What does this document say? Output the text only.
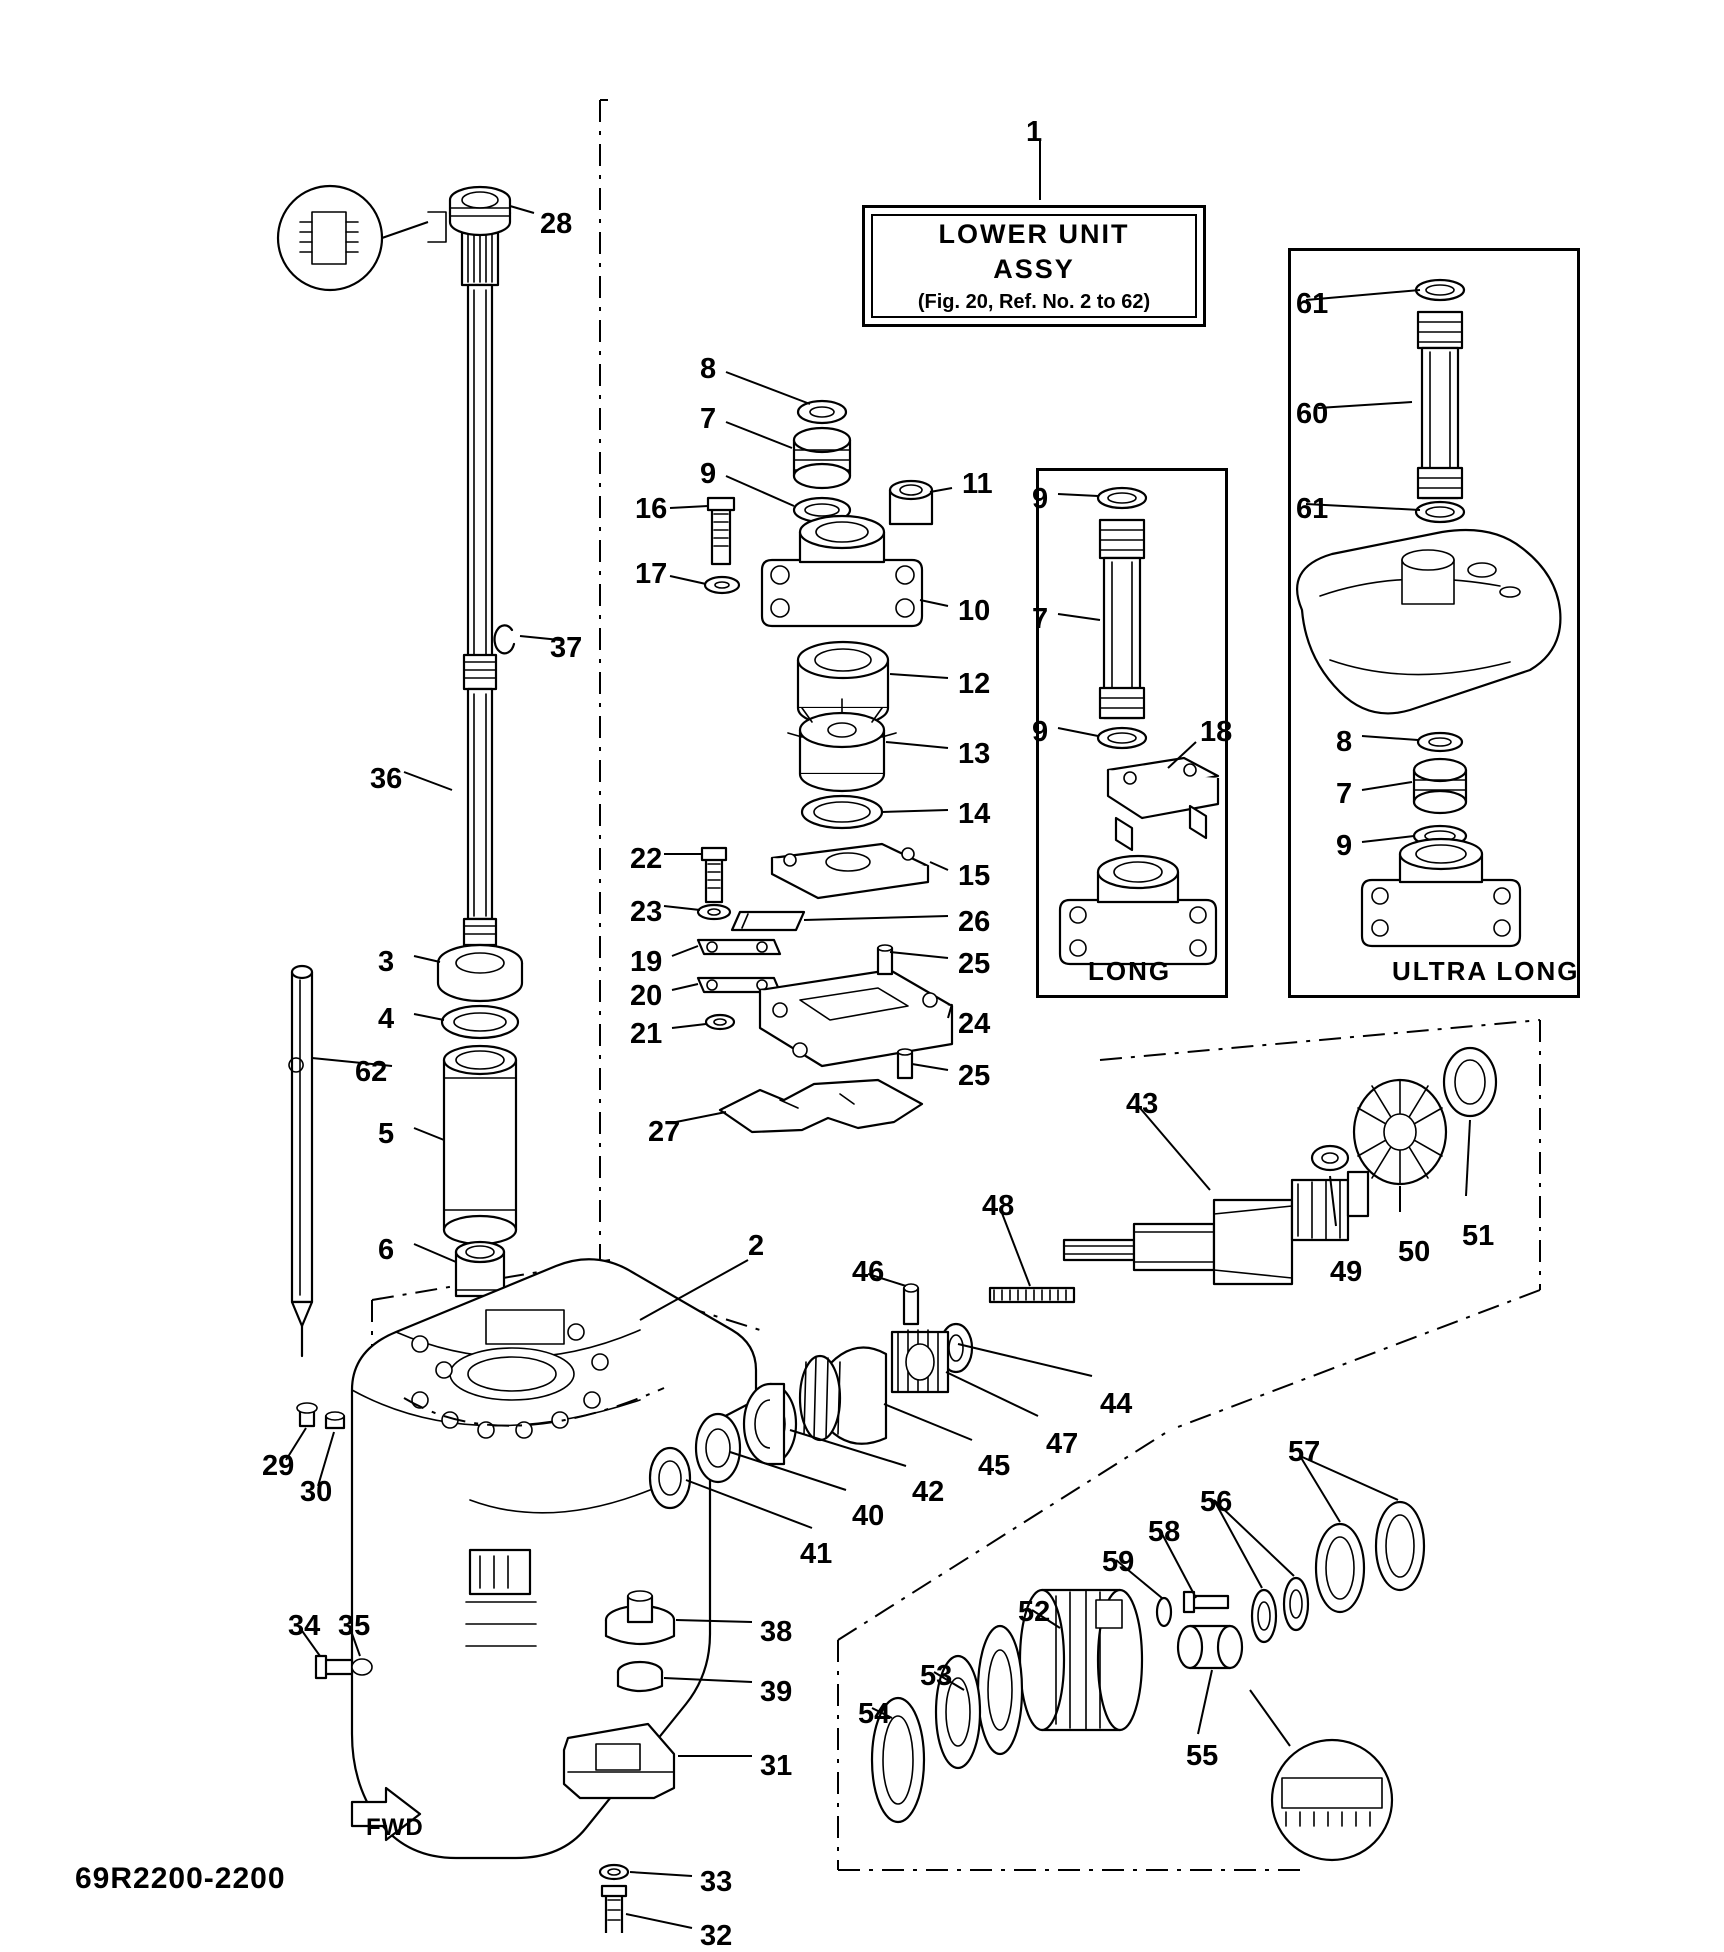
LOWER UNIT
ASSY
(Fig. 20, Ref. No. 2 to 62)
LONG	ULTRA LONG
FWD
69R2200-2200
1
28
61
8
60
7
9
9	11
16	61
7
17
10
37
12
9	18
13	8
36
14
7
9
15
22
23	26
19	25
20
24
21
25
3
4
62
5	27
43
51
50
49
48
6	2
46
44
47
45
42
57
56
58
59
29
30
40
41
52
53
54
55
34 35	38
39
31
33
32
